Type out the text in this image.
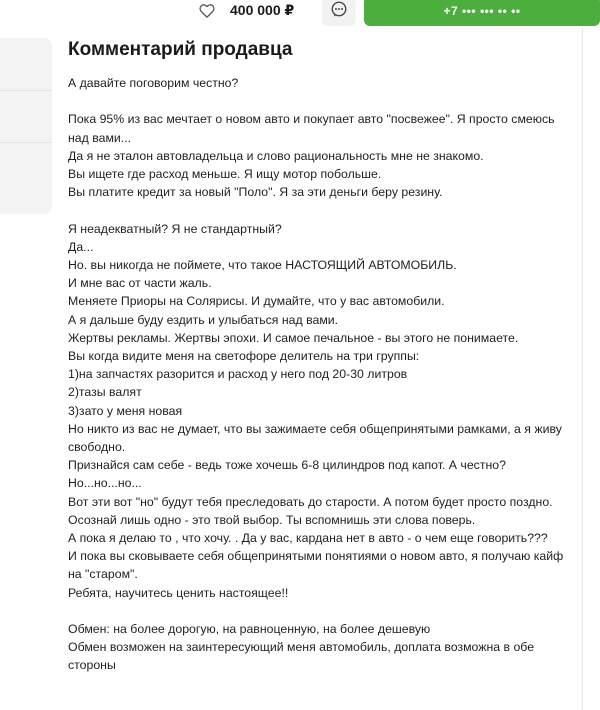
400 000 ₽	+7 ••• ••• •• ••
Комментарий продавца
А давайте поговорим честно?
Пока 95% из вас мечтает о новом авто и покупает авто "посвежее". Я просто смеюсь над вами...
Да я не эталон автовладельца и слово рациональность мне не знакомо.
Вы ищете где расход меньше. Я ищу мотор побольше.
Вы платите кредит за новый "Поло". Я за эти деньги беру резину.
Я неадекватный? Я не стандартный?
Да...
Но. вы никогда не поймете, что такое НАСТОЯЩИЙ АВТОМОБИЛЬ.
И мне вас от части жаль.
Меняете Приоры на Солярисы. И думайте, что у вас автомобили.
А я дальше буду ездить и улыбаться над вами.
Жертвы рекламы. Жертвы эпохи. И самое печальное - вы этого не понимаете.
Вы когда видите меня на светофоре делитель на три группы:
1)на запчастях разорится и расход у него под 20-30 литров
2)тазы валят
3)зато у меня новая
Но никто из вас не думает, что вы зажимаете себя общепринятыми рамками, а я живу свободно.
Признайся сам себе - ведь тоже хочешь 6-8 цилиндров под капот. А честно?
Но...но...но...
Вот эти вот "но" будут тебя преследовать до старости. А потом будет просто поздно.
Осознай лишь одно - это твой выбор. Ты вспомнишь эти слова поверь.
А пока я делаю то , что хочу. . Да у вас, кардана нет в авто - о чем еще говорить???
И пока вы сковываете себя общепринятыми понятиями о новом авто, я получаю кайф на "старом".
Ребята, научитесь ценить настоящее!!
Обмен: на более дорогую, на равноценную, на более дешевую
Обмен возможен на заинтересующий меня автомобиль, доплата возможна в обе стороны
